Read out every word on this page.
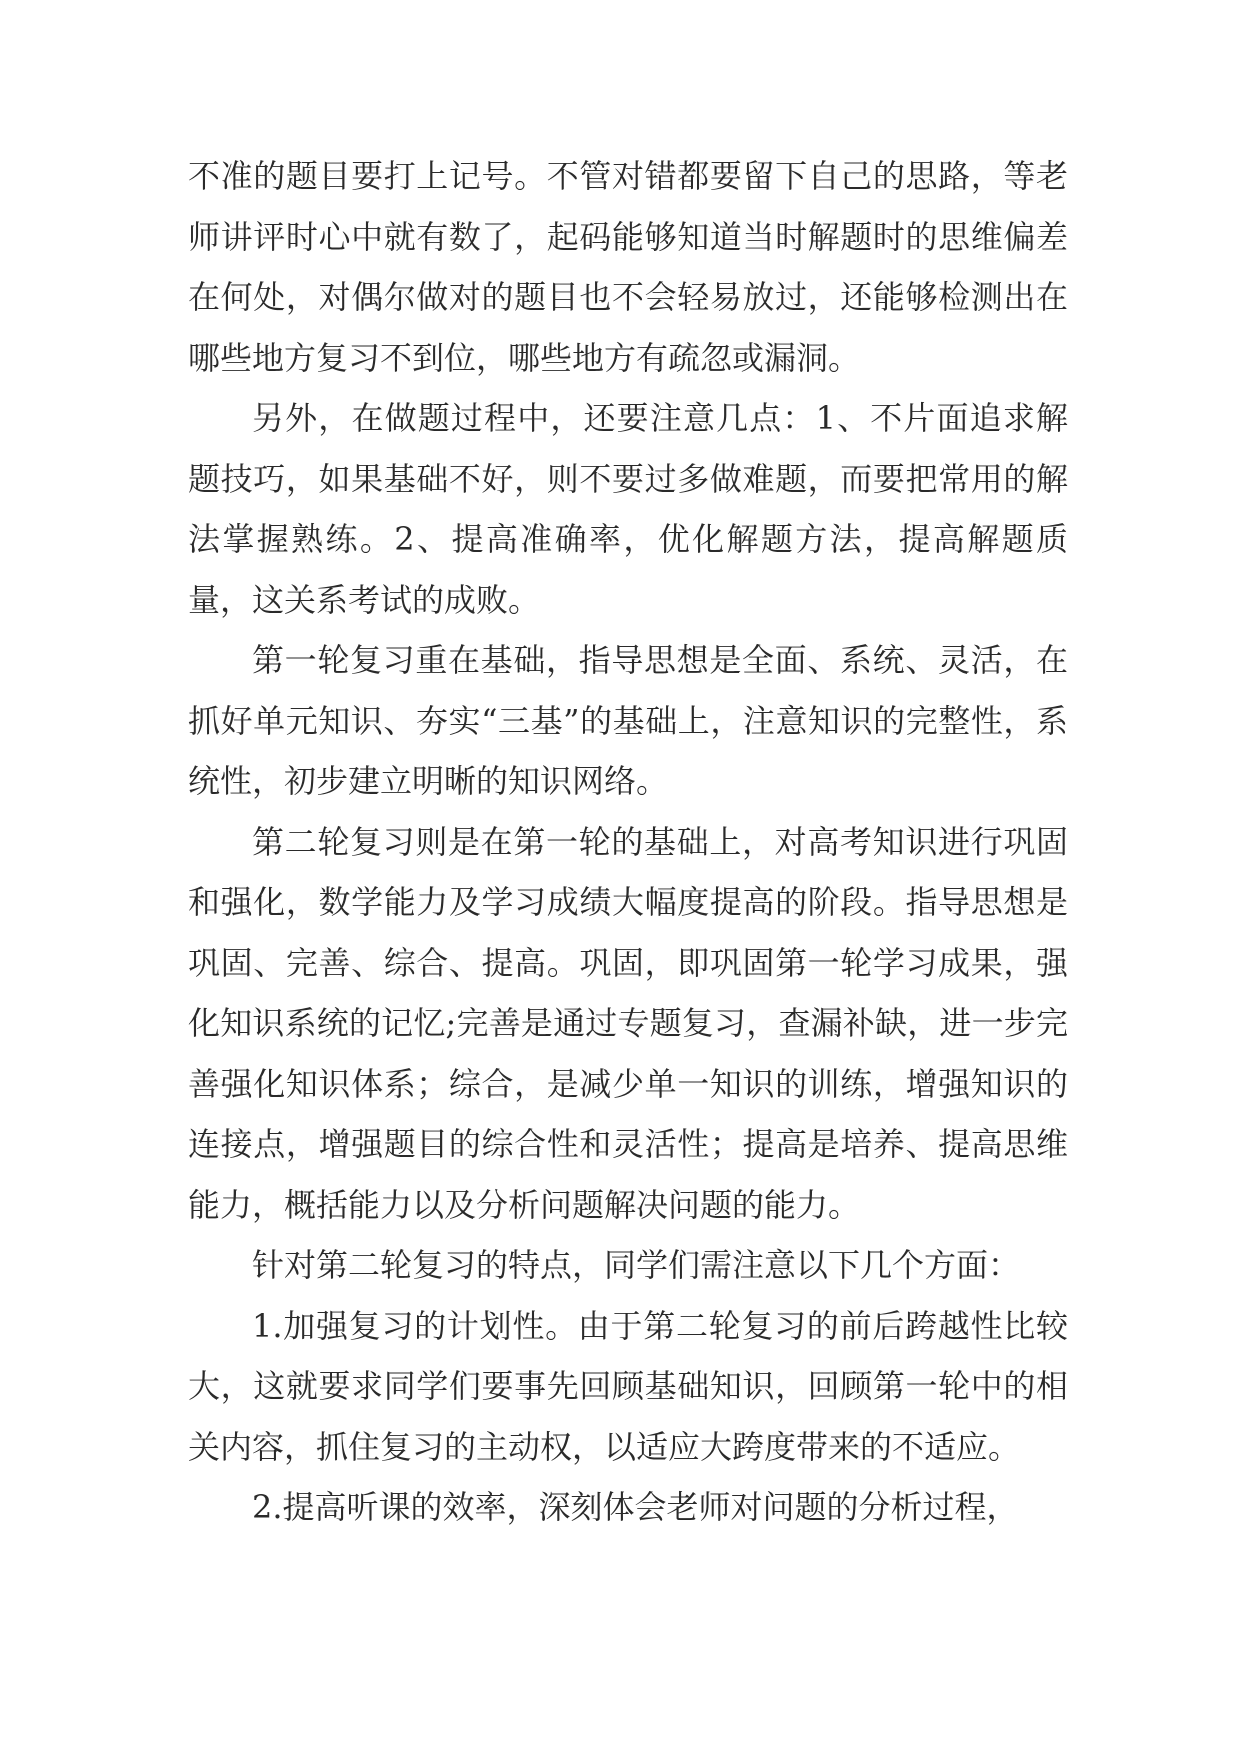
不准的题目要打上记号。不管对错都要留下自己的思路，等老师讲评时心中就有数了，起码能够知道当时解题时的思维偏差在何处，对偶尔做对的题目也不会轻易放过，还能够检测出在哪些地方复习不到位，哪些地方有疏忽或漏洞。

另外，在做题过程中，还要注意几点：1、不片面追求解题技巧，如果基础不好，则不要过多做难题，而要把常用的解法掌握熟练。2、提高准确率，优化解题方法，提高解题质量，这关系考试的成败。

第一轮复习重在基础，指导思想是全面、系统、灵活，在抓好单元知识、夯实“三基”的基础上，注意知识的完整性，系统性，初步建立明晰的知识网络。

第二轮复习则是在第一轮的基础上，对高考知识进行巩固和强化，数学能力及学习成绩大幅度提高的阶段。指导思想是巩固、完善、综合、提高。巩固，即巩固第一轮学习成果，强化知识系统的记忆;完善是通过专题复习，查漏补缺，进一步完善强化知识体系；综合，是减少单一知识的训练，增强知识的连接点，增强题目的综合性和灵活性；提高是培养、提高思维能力，概括能力以及分析问题解决问题的能力。

针对第二轮复习的特点，同学们需注意以下几个方面：

1.加强复习的计划性。由于第二轮复习的前后跨越性比较大，这就要求同学们要事先回顾基础知识，回顾第一轮中的相关内容，抓住复习的主动权，以适应大跨度带来的不适应。

2.提高听课的效率，深刻体会老师对问题的分析过程，
